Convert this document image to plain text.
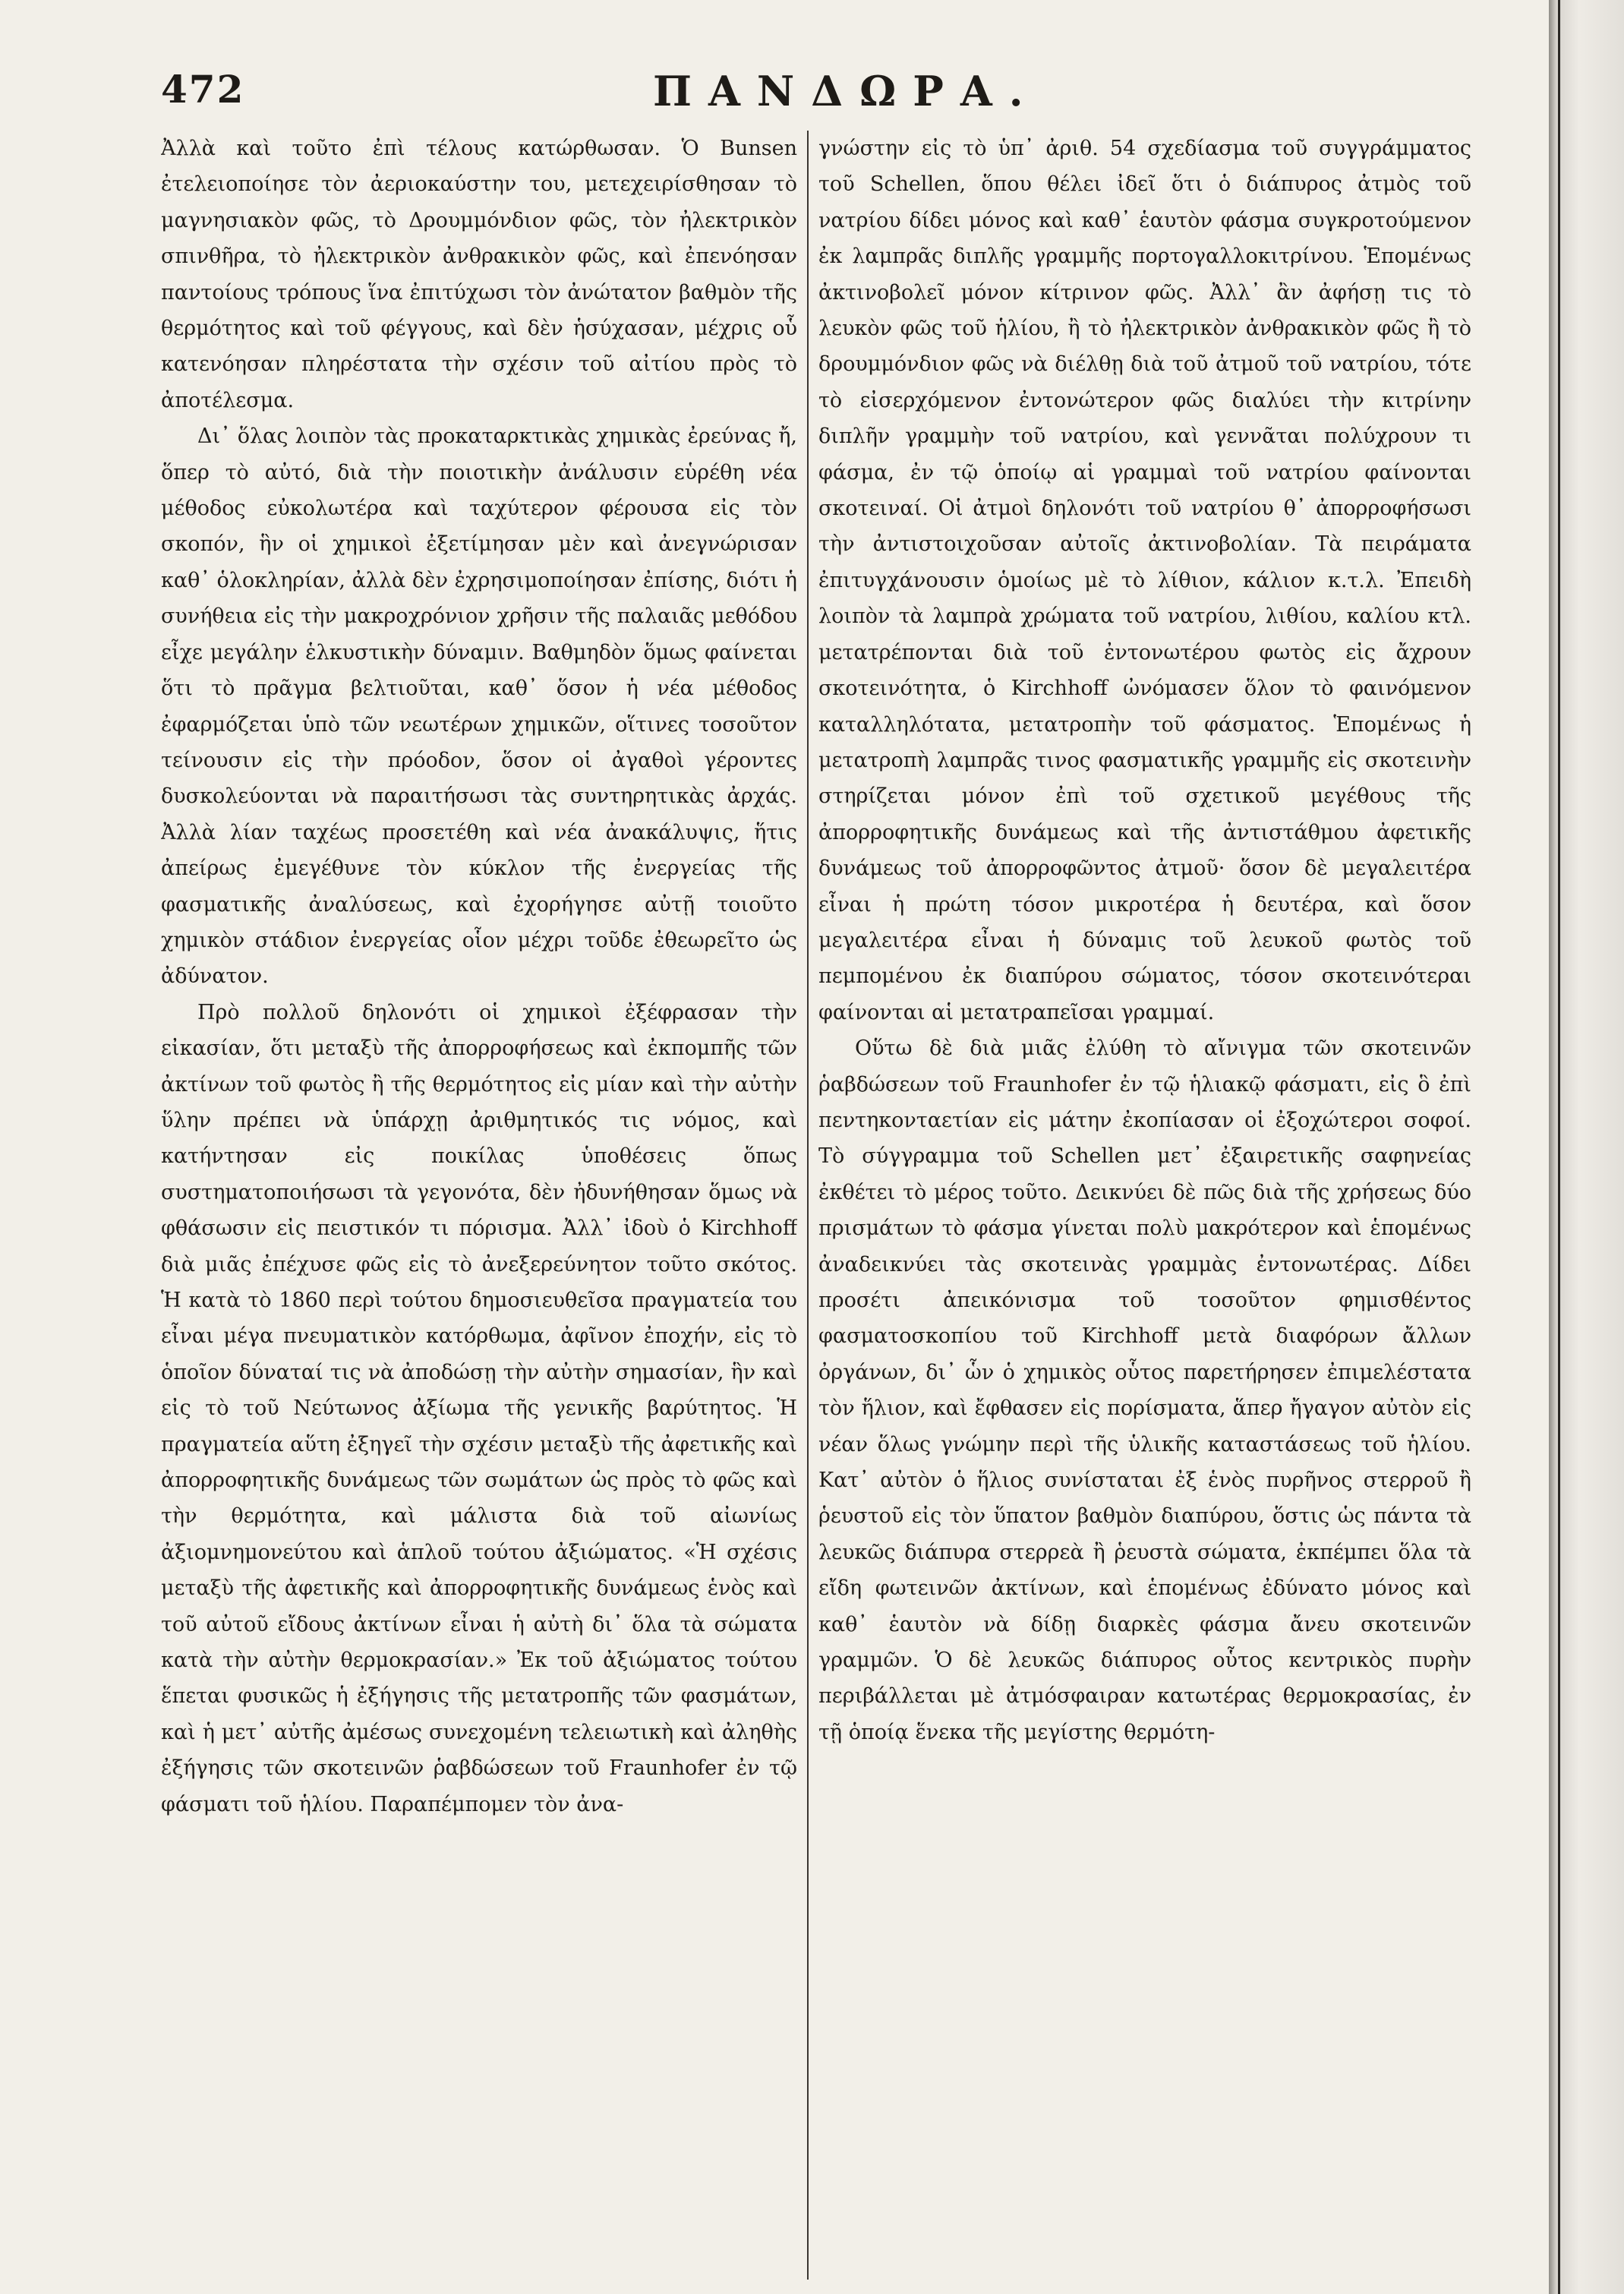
472	ΠΑΝΔΩΡΑ.

Ἀλλὰ καὶ τοῦτο ἐπὶ τέλους κατώρθωσαν. Ὁ Bunsen ἐτελειοποίησε τὸν ἀεριοκαύστην του, μετεχειρίσθησαν τὸ μαγνησιακὸν φῶς, τὸ Δρουμμόνδιον φῶς, τὸν ἠλεκτρικὸν σπινθῆρα, τὸ ἠλεκτρικὸν ἀνθρακικὸν φῶς, καὶ ἐπενόησαν παντοίους τρόπους ἵνα ἐπιτύχωσι τὸν ἀνώτατον βαθμὸν τῆς θερμότητος καὶ τοῦ φέγγους, καὶ δὲν ἡσύχασαν, μέχρις οὗ κατενόησαν πληρέστατα τὴν σχέσιν τοῦ αἰτίου πρὸς τὸ ἀποτέλεσμα.

Δι᾽ ὅλας λοιπὸν τὰς προκαταρκτικὰς χημικὰς ἐρεύνας ἤ, ὅπερ τὸ αὐτό, διὰ τὴν ποιοτικὴν ἀνάλυσιν εὑρέθη νέα μέθοδος εὐκολωτέρα καὶ ταχύτερον φέρουσα εἰς τὸν σκοπόν, ἣν οἱ χημικοὶ ἐξετίμησαν μὲν καὶ ἀνεγνώρισαν καθ᾽ ὁλοκληρίαν, ἀλλὰ δὲν ἐχρησιμοποίησαν ἐπίσης, διότι ἡ συνήθεια εἰς τὴν μακροχρόνιον χρῆσιν τῆς παλαιᾶς μεθόδου εἶχε μεγάλην ἑλκυστικὴν δύναμιν. Βαθμηδὸν ὅμως φαίνεται ὅτι τὸ πρᾶγμα βελτιοῦται, καθ᾽ ὅσον ἡ νέα μέθοδος ἐφαρμόζεται ὑπὸ τῶν νεωτέρων χημικῶν, οἵτινες τοσοῦτον τείνουσιν εἰς τὴν πρόοδον, ὅσον οἱ ἀγαθοὶ γέροντες δυσκολεύονται νὰ παραιτήσωσι τὰς συντηρητικὰς ἀρχάς. Ἀλλὰ λίαν ταχέως προσετέθη καὶ νέα ἀνακάλυψις, ἥτις ἀπείρως ἐμεγέθυνε τὸν κύκλον τῆς ἐνεργείας τῆς φασματικῆς ἀναλύσεως, καὶ ἐχορήγησε αὐτῇ τοιοῦτο χημικὸν στάδιον ἐνεργείας οἷον μέχρι τοῦδε ἐθεωρεῖτο ὡς ἀδύνατον.

Πρὸ πολλοῦ δηλονότι οἱ χημικοὶ ἐξέφρασαν τὴν εἰκασίαν, ὅτι μεταξὺ τῆς ἀπορροφήσεως καὶ ἐκπομπῆς τῶν ἀκτίνων τοῦ φωτὸς ἢ τῆς θερμότητος εἰς μίαν καὶ τὴν αὐτὴν ὕλην πρέπει νὰ ὑπάρχῃ ἀριθμητικός τις νόμος, καὶ κατήντησαν εἰς ποικίλας ὑποθέσεις ὅπως συστηματοποιήσωσι τὰ γεγονότα, δὲν ἠδυνήθησαν ὅμως νὰ φθάσωσιν εἰς πειστικόν τι πόρισμα. Ἀλλ᾽ ἰδοὺ ὁ Kirchhoff διὰ μιᾶς ἐπέχυσε φῶς εἰς τὸ ἀνεξερεύνητον τοῦτο σκότος. Ἡ κατὰ τὸ 1860 περὶ τούτου δημοσιευθεῖσα πραγματεία του εἶναι μέγα πνευματικὸν κατόρθωμα, ἀφῖνον ἐποχήν, εἰς τὸ ὁποῖον δύναταί τις νὰ ἀποδώσῃ τὴν αὐτὴν σημασίαν, ἣν καὶ εἰς τὸ τοῦ Νεύτωνος ἀξίωμα τῆς γενικῆς βαρύτητος. Ἡ πραγματεία αὕτη ἐξηγεῖ τὴν σχέσιν μεταξὺ τῆς ἀφετικῆς καὶ ἀπορροφητικῆς δυνάμεως τῶν σωμάτων ὡς πρὸς τὸ φῶς καὶ τὴν θερμότητα, καὶ μάλιστα διὰ τοῦ αἰωνίως ἀξιομνημονεύτου καὶ ἁπλοῦ τούτου ἀξιώματος. «Ἡ σχέσις μεταξὺ τῆς ἀφετικῆς καὶ ἀπορροφητικῆς δυνάμεως ἑνὸς καὶ τοῦ αὐτοῦ εἴδους ἀκτίνων εἶναι ἡ αὐτὴ δι᾽ ὅλα τὰ σώματα κατὰ τὴν αὐτὴν θερμοκρασίαν.» Ἐκ τοῦ ἀξιώματος τούτου ἕπεται φυσικῶς ἡ ἐξήγησις τῆς μετατροπῆς τῶν φασμάτων, καὶ ἡ μετ᾽ αὐτῆς ἀμέσως συνεχομένη τελειωτικὴ καὶ ἀληθὴς ἐξήγησις τῶν σκοτεινῶν ῥαβδώσεων τοῦ Fraunhofer ἐν τῷ φάσματι τοῦ ἡλίου. Παραπέμπομεν τὸν ἀνα-

γνώστην εἰς τὸ ὑπ᾽ ἀριθ. 54 σχεδίασμα τοῦ συγγράμματος τοῦ Schellen, ὅπου θέλει ἰδεῖ ὅτι ὁ διάπυρος ἀτμὸς τοῦ νατρίου δίδει μόνος καὶ καθ᾽ ἑαυτὸν φάσμα συγκροτούμενον ἐκ λαμπρᾶς διπλῆς γραμμῆς πορτογαλλοκιτρίνου. Ἑπομένως ἀκτινοβολεῖ μόνον κίτρινον φῶς. Ἀλλ᾽ ἂν ἀφήσῃ τις τὸ λευκὸν φῶς τοῦ ἡλίου, ἢ τὸ ἠλεκτρικὸν ἀνθρακικὸν φῶς ἢ τὸ δρουμμόνδιον φῶς νὰ διέλθῃ διὰ τοῦ ἀτμοῦ τοῦ νατρίου, τότε τὸ εἰσερχόμενον ἐντονώτερον φῶς διαλύει τὴν κιτρίνην διπλῆν γραμμὴν τοῦ νατρίου, καὶ γεννᾶται πολύχρουν τι φάσμα, ἐν τῷ ὁποίῳ αἱ γραμμαὶ τοῦ νατρίου φαίνονται σκοτειναί. Οἱ ἀτμοὶ δηλονότι τοῦ νατρίου θ᾽ ἀπορροφήσωσι τὴν ἀντιστοιχοῦσαν αὐτοῖς ἀκτινοβολίαν. Τὰ πειράματα ἐπιτυγχάνουσιν ὁμοίως μὲ τὸ λίθιον, κάλιον κ.τ.λ. Ἐπειδὴ λοιπὸν τὰ λαμπρὰ χρώματα τοῦ νατρίου, λιθίου, καλίου κτλ. μετατρέπονται διὰ τοῦ ἐντονωτέρου φωτὸς εἰς ἄχρουν σκοτεινότητα, ὁ Kirchhoff ὠνόμασεν ὅλον τὸ φαινόμενον καταλληλότατα, μετατροπὴν τοῦ φάσματος. Ἑπομένως ἡ μετατροπὴ λαμπρᾶς τινος φασματικῆς γραμμῆς εἰς σκοτεινὴν στηρίζεται μόνον ἐπὶ τοῦ σχετικοῦ μεγέθους τῆς ἀπορροφητικῆς δυνάμεως καὶ τῆς ἀντιστάθμου ἀφετικῆς δυνάμεως τοῦ ἀπορροφῶντος ἀτμοῦ· ὅσον δὲ μεγαλειτέρα εἶναι ἡ πρώτη τόσον μικροτέρα ἡ δευτέρα, καὶ ὅσον μεγαλειτέρα εἶναι ἡ δύναμις τοῦ λευκοῦ φωτὸς τοῦ πεμπομένου ἐκ διαπύρου σώματος, τόσον σκοτεινότεραι φαίνονται αἱ μετατραπεῖσαι γραμμαί.

Οὕτω δὲ διὰ μιᾶς ἐλύθη τὸ αἴνιγμα τῶν σκοτεινῶν ῥαβδώσεων τοῦ Fraunhofer ἐν τῷ ἡλιακῷ φάσματι, εἰς ὃ ἐπὶ πεντηκονταετίαν εἰς μάτην ἐκοπίασαν οἱ ἐξοχώτεροι σοφοί. Τὸ σύγγραμμα τοῦ Schellen μετ᾽ ἐξαιρετικῆς σαφηνείας ἐκθέτει τὸ μέρος τοῦτο. Δεικνύει δὲ πῶς διὰ τῆς χρήσεως δύο πρισμάτων τὸ φάσμα γίνεται πολὺ μακρότερον καὶ ἑπομένως ἀναδεικνύει τὰς σκοτεινὰς γραμμὰς ἐντονωτέρας. Δίδει προσέτι ἀπεικόνισμα τοῦ τοσοῦτον φημισθέντος φασματοσκοπίου τοῦ Kirchhoff μετὰ διαφόρων ἄλλων ὀργάνων, δι᾽ ὧν ὁ χημικὸς οὗτος παρετήρησεν ἐπιμελέστατα τὸν ἥλιον, καὶ ἔφθασεν εἰς πορίσματα, ἅπερ ἤγαγον αὐτὸν εἰς νέαν ὅλως γνώμην περὶ τῆς ὑλικῆς καταστάσεως τοῦ ἡλίου. Κατ᾽ αὐτὸν ὁ ἥλιος συνίσταται ἐξ ἑνὸς πυρῆνος στερροῦ ἢ ῥευστοῦ εἰς τὸν ὕπατον βαθμὸν διαπύρου, ὅστις ὡς πάντα τὰ λευκῶς διάπυρα στερρεὰ ἢ ῥευστὰ σώματα, ἐκπέμπει ὅλα τὰ εἴδη φωτεινῶν ἀκτίνων, καὶ ἑπομένως ἐδύνατο μόνος καὶ καθ᾽ ἑαυτὸν νὰ δίδῃ διαρκὲς φάσμα ἄνευ σκοτεινῶν γραμμῶν. Ὁ δὲ λευκῶς διάπυρος οὗτος κεντρικὸς πυρὴν περιβάλλεται μὲ ἀτμόσφαιραν κατωτέρας θερμοκρασίας, ἐν τῇ ὁποίᾳ ἕνεκα τῆς μεγίστης θερμότη-
